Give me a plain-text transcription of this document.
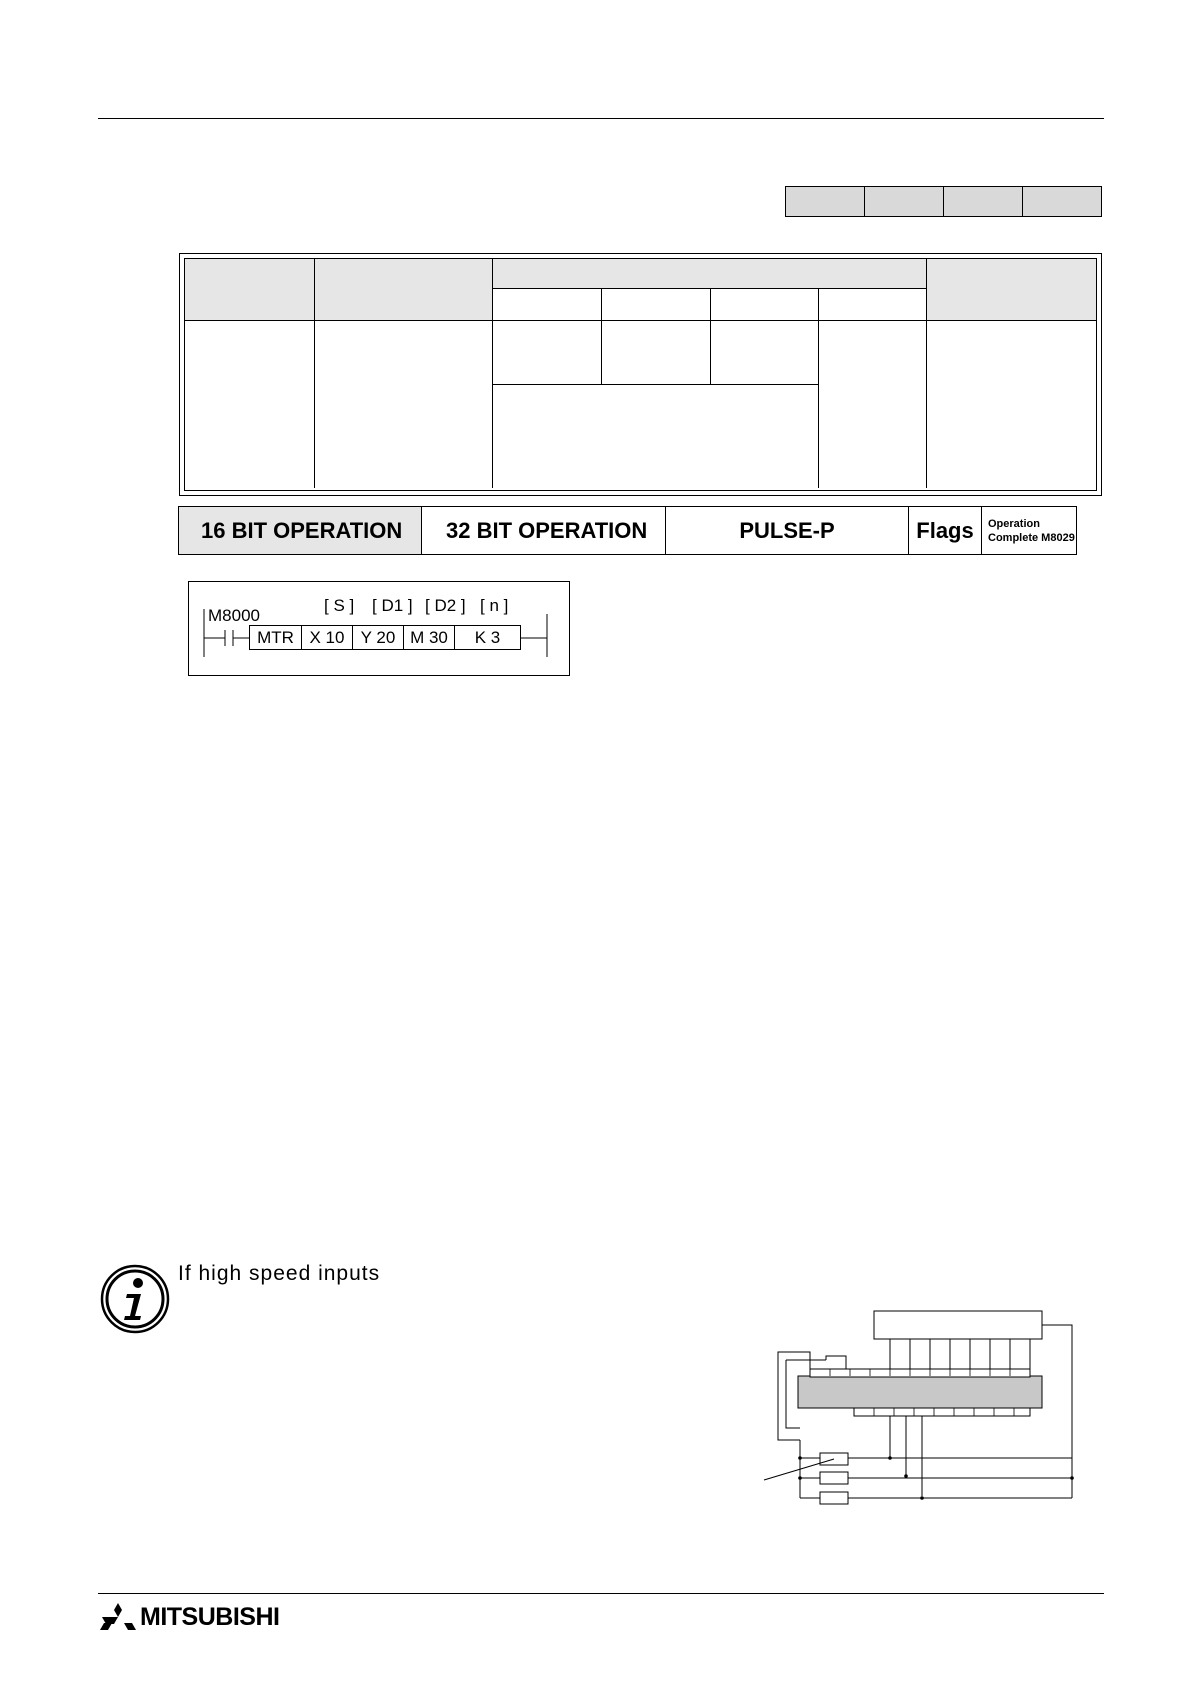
16 BIT OPERATION	32 BIT OPERATION	PULSE-P	Flags	Operation
Complete M8029
M8000
[ S ] [ D1 ] [ D2 ] [ n ]
MTR X 10 Y 20 M 30	K 3
If high speed inputs
MITSUBISHI
